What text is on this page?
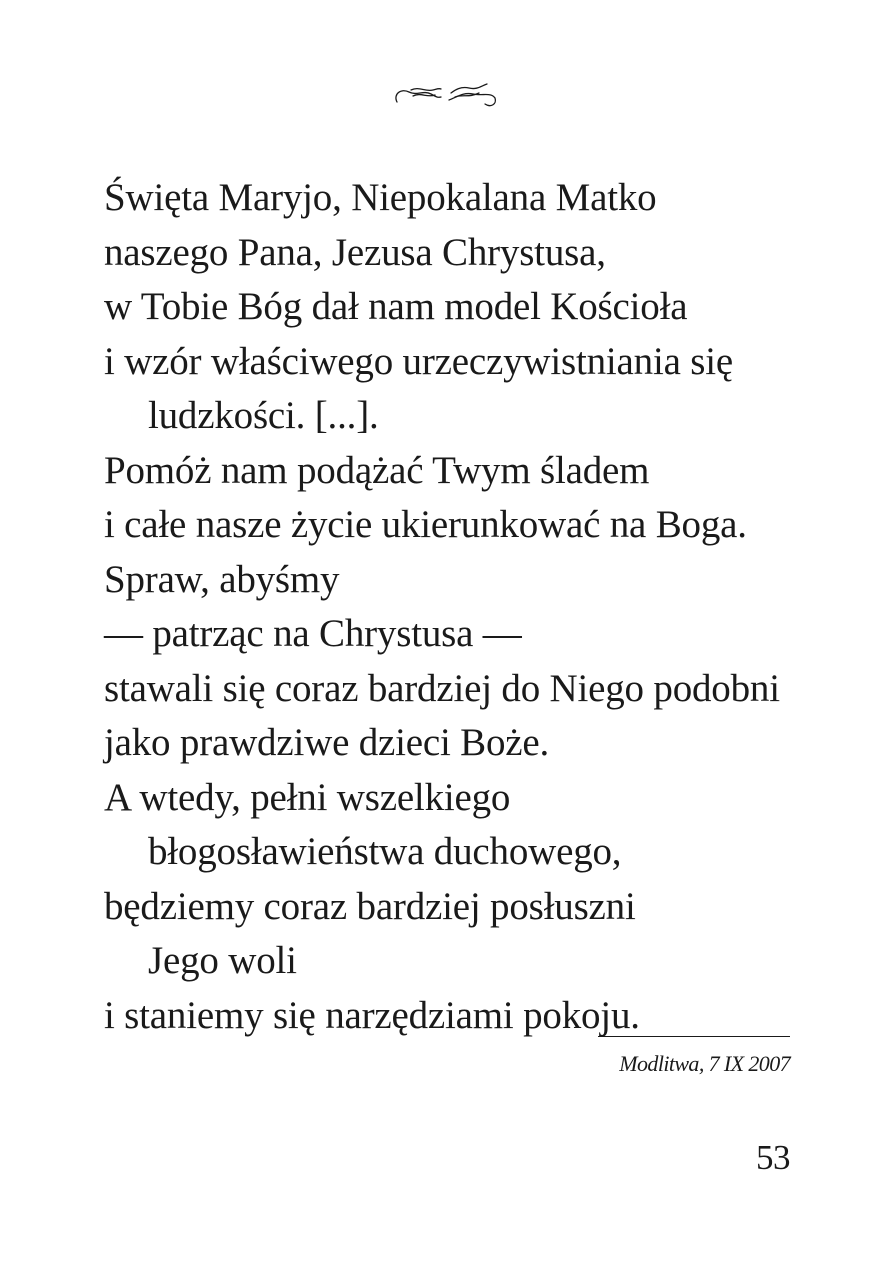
Święta Maryjo, Niepokalana Matko
naszego Pana, Jezusa Chrystusa,
w Tobie Bóg dał nam model Kościoła
i wzór właściwego urzeczywistniania się
ludzkości. [...].
Pomóż nam podążać Twym śladem
i całe nasze życie ukierunkować na Boga.
Spraw, abyśmy
— patrząc na Chrystusa —
stawali się coraz bardziej do Niego podobni
jako prawdziwe dzieci Boże.
A wtedy, pełni wszelkiego
błogosławieństwa duchowego,
będziemy coraz bardziej posłuszni
Jego woli
i staniemy się narzędziami pokoju.
Modlitwa, 7 IX 2007
53
